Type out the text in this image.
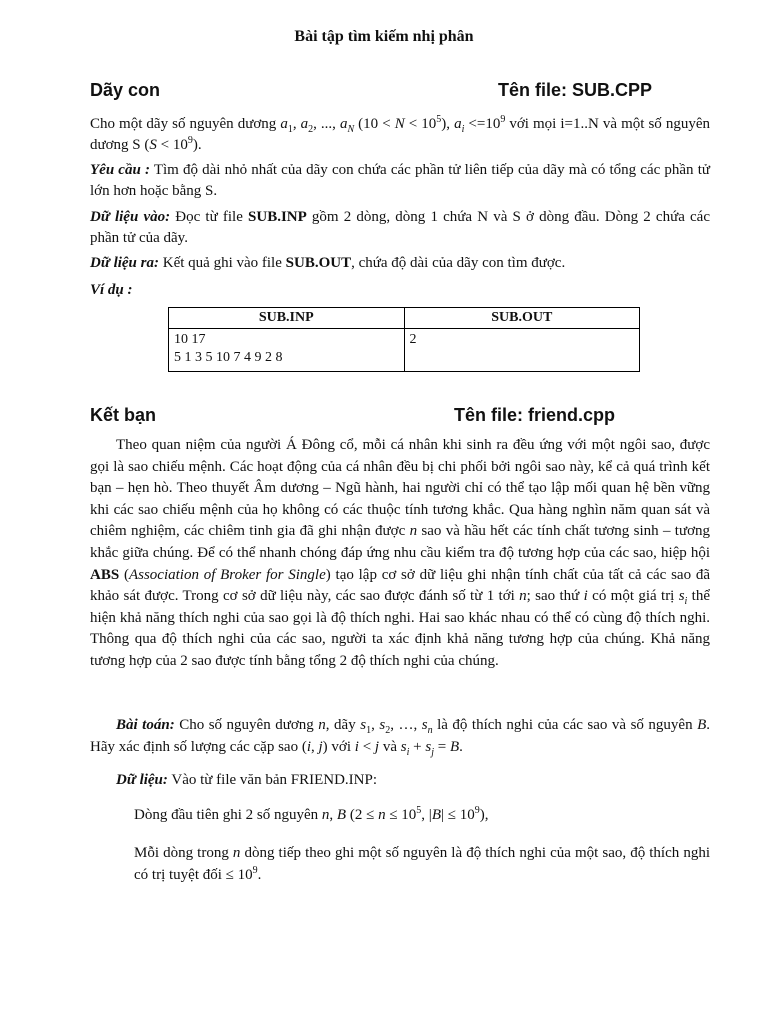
Bài tập tìm kiếm nhị phân
Dãy con	Tên file: SUB.CPP

Cho một dãy số nguyên dương $a_1$, $a_2$, ..., $a_N$ $(10 < N < 10^5)$, $a_i <=10^9$ với mọi i=1..N và một số nguyên dương S $(S < 10^9)$.

Yêu cầu : Tìm độ dài nhỏ nhất của dãy con chứa các phần tử liên tiếp của dãy mà có tổng các phần tử lớn hơn hoặc bằng S.

Dữ liệu vào: Đọc từ file SUB.INP gồm 2 dòng, dòng 1 chứa N và S ở dòng đầu. Dòng 2 chứa các phần tử của dãy.

Dữ liệu ra: Kết quả ghi vào file SUB.OUT, chứa độ dài của dãy con tìm được.

Ví dụ :

SUB.INP	SUB.OUT

10 17
5 1 3 5 10 7 4 9 2 8	2
Kết bạn	Tên file: friend.cpp

Theo quan niệm của người Á Đông cổ, mỗi cá nhân khi sinh ra đều ứng với một ngôi sao, được gọi là sao chiếu mệnh. Các hoạt động của cá nhân đều bị chi phối bởi ngôi sao này, kể cả quá trình kết bạn – hẹn hò. Theo thuyết Âm dương – Ngũ hành, hai người chỉ có thể tạo lập mối quan hệ bền vững khi các sao chiếu mệnh của họ không có các thuộc tính tương khắc. Qua hàng nghìn năm quan sát và chiêm nghiệm, các chiêm tinh gia đã ghi nhận được n sao và hầu hết các tính chất tương sinh – tương khắc giữa chúng. Để có thể nhanh chóng đáp ứng nhu cầu kiểm tra độ tương hợp của các sao, hiệp hội ABS (Association of Broker for Single) tạo lập cơ sở dữ liệu ghi nhận tính chất của tất cả các sao đã khảo sát được. Trong cơ sở dữ liệu này, các sao được đánh số từ 1 tới n; sao thứ i có một giá trị $s_i$ thể hiện khả năng thích nghi của sao gọi là độ thích nghi. Hai sao khác nhau có thể có cùng độ thích nghi. Thông qua độ thích nghi của các sao, người ta xác định khả năng tương hợp của chúng. Khả năng tương hợp của 2 sao được tính bằng tổng 2 độ thích nghi của chúng.

Bài toán: Cho số nguyên dương n, dãy $s_1$, $s_2$, …, $s_n$ là độ thích nghi của các sao và số nguyên B. Hãy xác định số lượng các cặp sao (i, j) với i < j và $s_i + s_j = B$.

Dữ liệu: Vào từ file văn bản FRIEND.INP:

Dòng đầu tiên ghi 2 số nguyên n, B ($2 \le n \le 10^5$, $|B| \le 10^9$),

Mỗi dòng trong n dòng tiếp theo ghi một số nguyên là độ thích nghi của một sao, độ thích nghi có trị tuyệt đối ≤ $10^9$.
